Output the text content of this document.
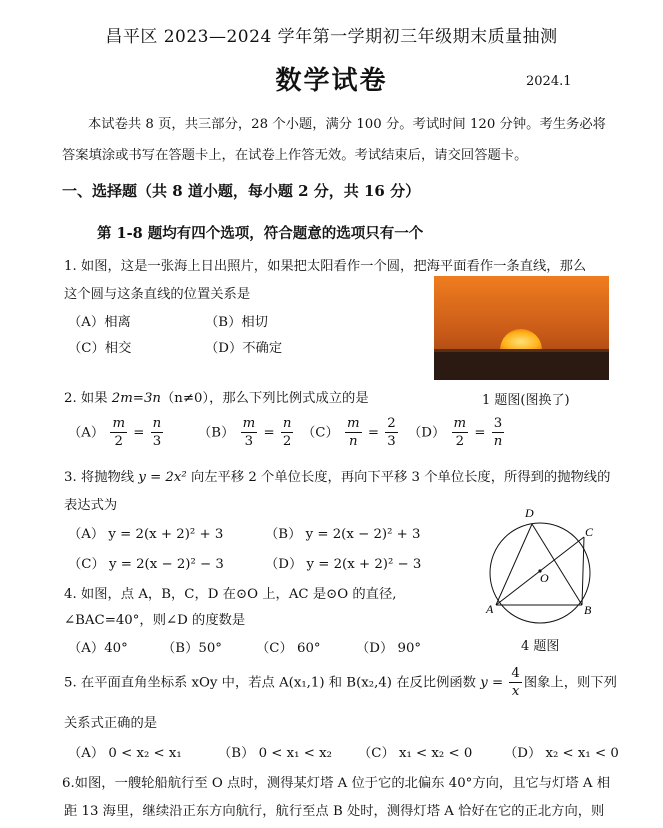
昌平区 2023—2024 学年第一学期初三年级期末质量抽测
数学试卷	2024.1
本试卷共 8 页，共三部分，28 个小题，满分 100 分。考试时间 120 分钟。考生务必将
答案填涂或书写在答题卡上，在试卷上作答无效。考试结束后，请交回答题卡。
一、选择题（共 8 道小题，每小题 2 分，共 16 分）
第 1-8 题均有四个选项，符合题意的选项只有一个
1. 如图，这是一张海上日出照片，如果把太阳看作一个圆，把海平面看作一条直线，那么
这个圆与这条直线的位置关系是
（A）相离	（B）相切
（C）相交	（D）不确定
1 题图(图换了)
2. 如果 2m=3n（n≠0），那么下列比例式成立的是
$(A) \frac{m}{2} = \frac{n}{3}$	$(B) \frac{m}{3} = \frac{n}{2} (C) \frac{m}{n} = \frac{2}{3} (D) \frac{m}{2} = \frac{3}{n}$
3. 将抛物线 y = 2x² 向左平移 2 个单位长度，再向下平移 3 个单位长度，所得到的抛物线的
表达式为
（A） y = 2(x + 2)² + 3	（B） y = 2(x − 2)² + 3
（C） y = 2(x − 2)² − 3	（D） y = 2(x + 2)² − 3
A	B
C
D
O
4 题图
4. 如图，点 A，B，C，D 在⊙O 上，AC 是⊙O 的直径,
∠BAC=40°，则∠D 的度数是
（A）40°	（B）50°	（C） 60°	（D） 90°
5. 在平面直角坐标系 xOy 中，若点 A(x₁,1) 和 B(x₂,4) 在反比例函数 $y = \frac{4}{x}$ 图象上，则下列
关系式正确的是
（A） 0 < x₂ < x₁	（B） 0 < x₁ < x₂ （C） x₁ < x₂ < 0 （D） x₂ < x₁ < 0
6.如图，一艘轮船航行至 O 点时，测得某灯塔 A 位于它的北偏东 40°方向，且它与灯塔 A 相
距 13 海里，继续沿正东方向航行，航行至点 B 处时，测得灯塔 A 恰好在它的正北方向，则
